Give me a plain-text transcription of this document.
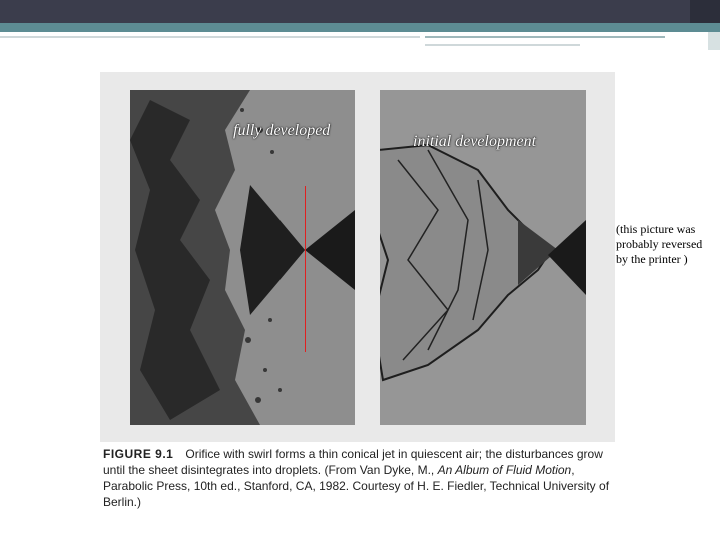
fully developed
initial development
(this picture was probably reversed by the printer )
FIGURE 9.1 Orifice with swirl forms a thin conical jet in quiescent air; the disturbances grow until the sheet disintegrates into droplets. (From Van Dyke, M., An Album of Fluid Motion, Parabolic Press, 10th ed., Stanford, CA, 1982. Courtesy of H. E. Fiedler, Technical University of Berlin.)
